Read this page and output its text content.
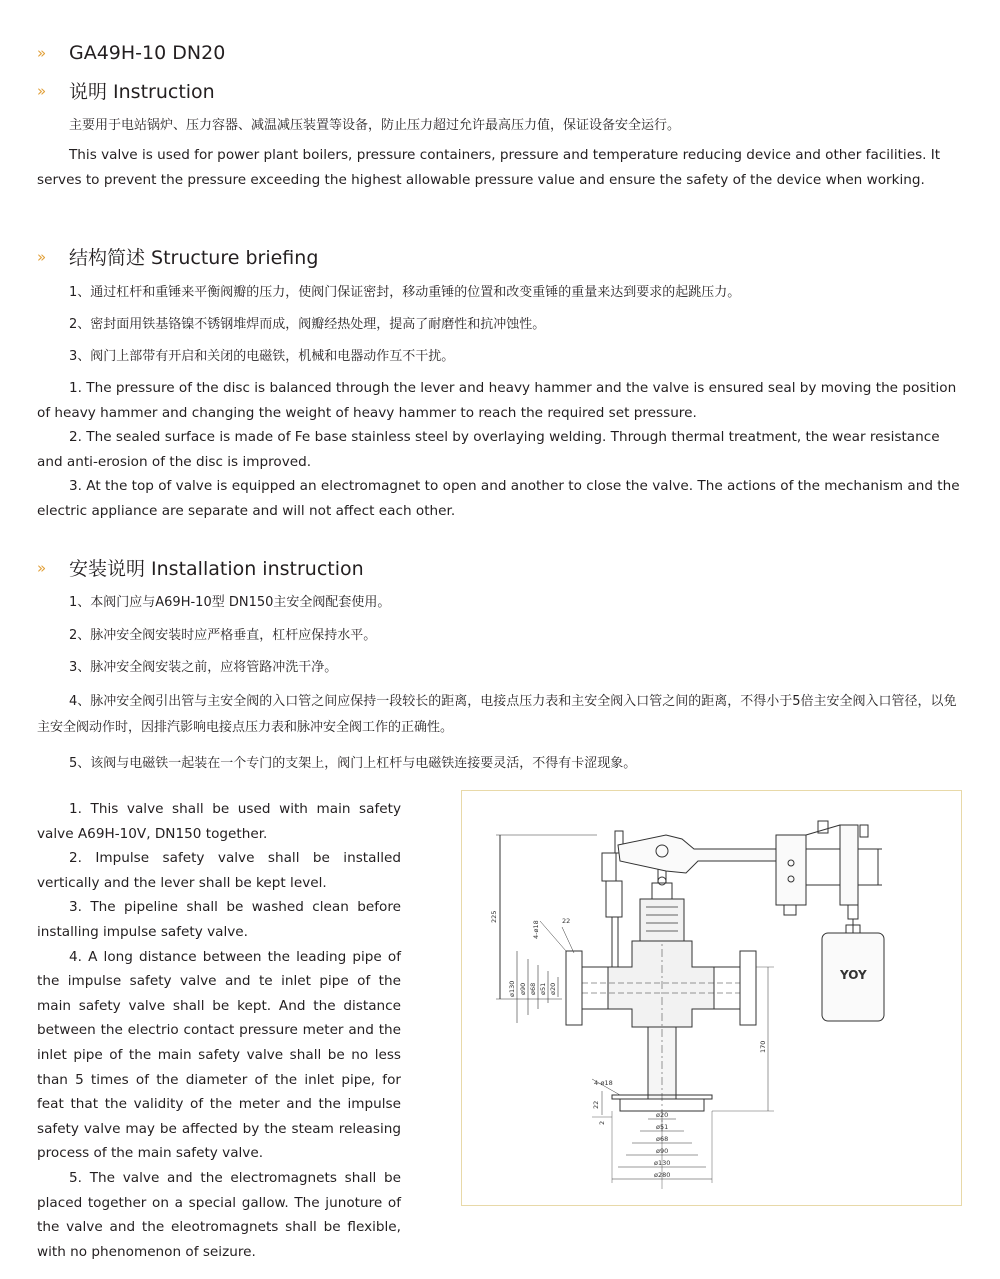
»	GA49H-10 DN20
»	说明 Instruction

主要用于电站锅炉、压力容器、减温减压装置等设备，防止压力超过允许最高压力值，保证设备安全运行。

This valve is used for power plant boilers, pressure containers, pressure and temperature reducing device and other facilities. It serves to prevent the pressure exceeding the highest allowable pressure value and ensure the safety of the device when working.

»	结构简述 Structure briefing

1、通过杠杆和重锤来平衡阀瓣的压力，使阀门保证密封，移动重锤的位置和改变重锤的重量来达到要求的起跳压力。

2、密封面用铁基铬镍不锈钢堆焊而成，阀瓣经热处理，提高了耐磨性和抗冲蚀性。

3、阀门上部带有开启和关闭的电磁铁，机械和电器动作互不干扰。

1. The pressure of the disc is balanced through the lever and heavy hammer and the valve is ensured seal by moving the position of heavy hammer and changing the weight of heavy hammer to reach the required set pressure.

2. The sealed surface is made of Fe base stainless steel by overlaying welding. Through thermal treatment, the wear resistance and anti-erosion of the disc is improved.

3. At the top of valve is equipped an electromagnet to open and another to close the valve. The actions of the mechanism and the electric appliance are separate and will not affect each other.

»	安装说明 Installation instruction

1、本阀门应与A69H-10型 DN150主安全阀配套使用。

2、脉冲安全阀安装时应严格垂直，杠杆应保持水平。

3、脉冲安全阀安装之前，应将管路冲洗干净。

4、脉冲安全阀引出管与主安全阀的入口管之间应保持一段较长的距离，电接点压力表和主安全阀入口管之间的距离，不得小于5倍主安全阀入口管径，以免主安全阀动作时，因排汽影响电接点压力表和脉冲安全阀工作的正确性。

5、该阀与电磁铁一起装在一个专门的支架上，阀门上杠杆与电磁铁连接要灵活，不得有卡涩现象。

1. This valve shall be used with main safety valve A69H-10V, DN150 together.

2. Impulse safety valve shall be installed vertically and the lever shall be kept level.

3. The pipeline shall be washed clean before installing impulse safety valve.

4. A long distance between the leading pipe of the impulse safety valve and te inlet pipe of the main safety valve shall be kept. And the distance between the electrio contact pressure meter and the inlet pipe of the main safety valve shall be no less than 5 times of the diameter of the inlet pipe, for feat that the validity of the meter and the impulse safety valve may be affected by the steam releasing process of the main safety valve.

5. The valve and the electromagnets shall be placed together on a special gallow. The junoture of the valve and the eleotromagnets shall be flexible, with no phenomenon of seizure.

225
4-ø18	22
ø130 ø90 ø68 ø51 ø20
170
4-ø18
22
2
ø20
ø51
ø68
ø90
ø130
ø280
YOY
